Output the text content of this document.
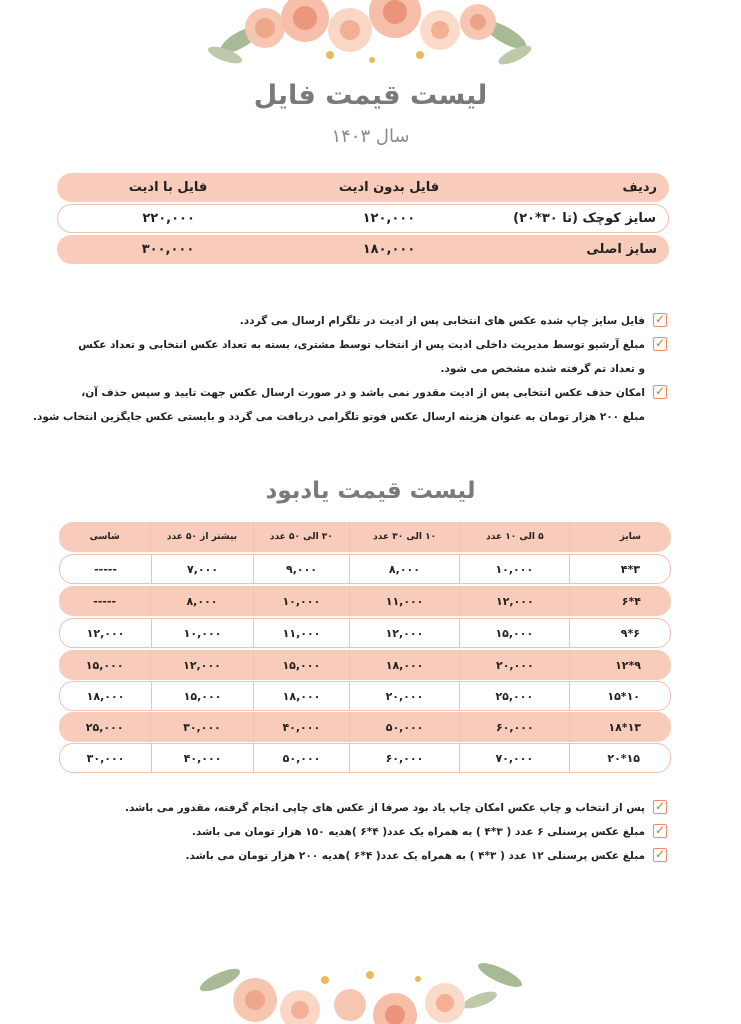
لیست قیمت فایل
سال ۱۴۰۳
ردیف
فایل بدون ادیت
فایل با ادیت
سایز کوچک (تا ۳۰*۲۰)
۱۲۰,۰۰۰
۲۲۰,۰۰۰
سایز اصلی
۱۸۰,۰۰۰
۳۰۰,۰۰۰
✓
فایل سایز چاپ شده عکس های انتخابی پس از ادیت در تلگرام ارسال می گردد.
✓
مبلغ آرشیو توسط مدیریت داخلی ادیت پس از انتخاب توسط مشتری، بسته به تعداد عکس انتخابی و تعداد عکس
و تعداد تم گرفته شده مشخص می شود.
✓
امکان حذف عکس انتخابی پس از ادیت مقدور نمی باشد و در صورت ارسال عکس جهت تایید و سپس حذف آن،
مبلغ ۲۰۰ هزار تومان به عنوان هزینه ارسال عکس فوتو تلگرامی دریافت می گردد و بایستی عکس جایگزین انتخاب شود.
لیست قیمت یادبود
سایز
۵ الی ۱۰ عدد
۱۰ الی ۳۰ عدد
۳۰ الی ۵۰ عدد
بیشتر از ۵۰ عدد
شاسی
۳*۴
۱۰,۰۰۰
۸,۰۰۰
۹,۰۰۰
۷,۰۰۰
-----
۴*۶
۱۲,۰۰۰
۱۱,۰۰۰
۱۰,۰۰۰
۸,۰۰۰
-----
۶*۹
۱۵,۰۰۰
۱۲,۰۰۰
۱۱,۰۰۰
۱۰,۰۰۰
۱۲,۰۰۰
۹*۱۲
۲۰,۰۰۰
۱۸,۰۰۰
۱۵,۰۰۰
۱۲,۰۰۰
۱۵,۰۰۰
۱۰*۱۵
۲۵,۰۰۰
۲۰,۰۰۰
۱۸,۰۰۰
۱۵,۰۰۰
۱۸,۰۰۰
۱۳*۱۸
۶۰,۰۰۰
۵۰,۰۰۰
۴۰,۰۰۰
۳۰,۰۰۰
۲۵,۰۰۰
۱۵*۲۰
۷۰,۰۰۰
۶۰,۰۰۰
۵۰,۰۰۰
۴۰,۰۰۰
۳۰,۰۰۰
✓
پس از انتخاب و چاپ عکس امکان چاپ یاد بود صرفا از عکس های چاپی انجام گرفته، مقدور می باشد.
✓
مبلغ عکس پرسنلی ۶ عدد ( ۳*۴ ) به همراه یک عدد( ۴*۶ )هدیه ۱۵۰ هزار تومان می باشد.
✓
مبلغ عکس پرسنلی ۱۲ عدد ( ۳*۴ ) به همراه یک عدد( ۴*۶ )هدیه ۲۰۰ هزار تومان می باشد.
